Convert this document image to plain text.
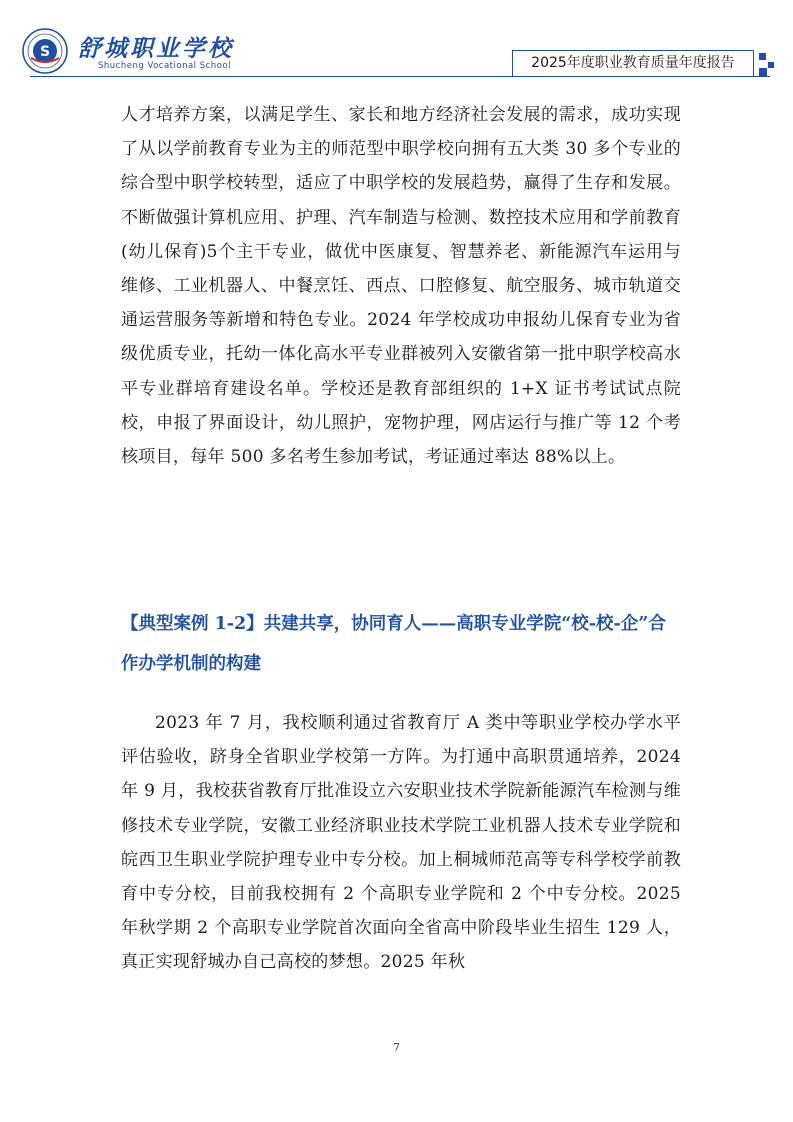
S 舒城职业学校
Shucheng Vocational School	2025年度职业教育质量年度报告

人才培养方案，以满足学生、家长和地方经济社会发展的需求，成功实现了从以学前教育专业为主的师范型中职学校向拥有五大类 30 多个专业的综合型中职学校转型，适应了中职学校的发展趋势，赢得了生存和发展。不断做强计算机应用、护理、汽车制造与检测、数控技术应用和学前教育(幼儿保育)5个主干专业，做优中医康复、智慧养老、新能源汽车运用与维修、工业机器人、中餐烹饪、西点、口腔修复、航空服务、城市轨道交通运营服务等新增和特色专业。2024 年学校成功申报幼儿保育专业为省级优质专业，托幼一体化高水平专业群被列入安徽省第一批中职学校高水平专业群培育建设名单。学校还是教育部组织的 1+X 证书考试试点院校，申报了界面设计，幼儿照护，宠物护理，网店运行与推广等 12 个考核项目，每年 500 多名考生参加考试，考证通过率达 88%以上。

【典型案例 1-2】共建共享，协同育人——高职专业学院“校-校-企”合作办学机制的构建

2023 年 7 月，我校顺利通过省教育厅 A 类中等职业学校办学水平评估验收，跻身全省职业学校第一方阵。为打通中高职贯通培养，2024 年 9 月，我校获省教育厅批准设立六安职业技术学院新能源汽车检测与维修技术专业学院，安徽工业经济职业技术学院工业机器人技术专业学院和皖西卫生职业学院护理专业中专分校。加上桐城师范高等专科学校学前教育中专分校，目前我校拥有 2 个高职专业学院和 2 个中专分校。2025 年秋学期 2 个高职专业学院首次面向全省高中阶段毕业生招生 129 人，真正实现舒城办自己高校的梦想。2025 年秋

7
